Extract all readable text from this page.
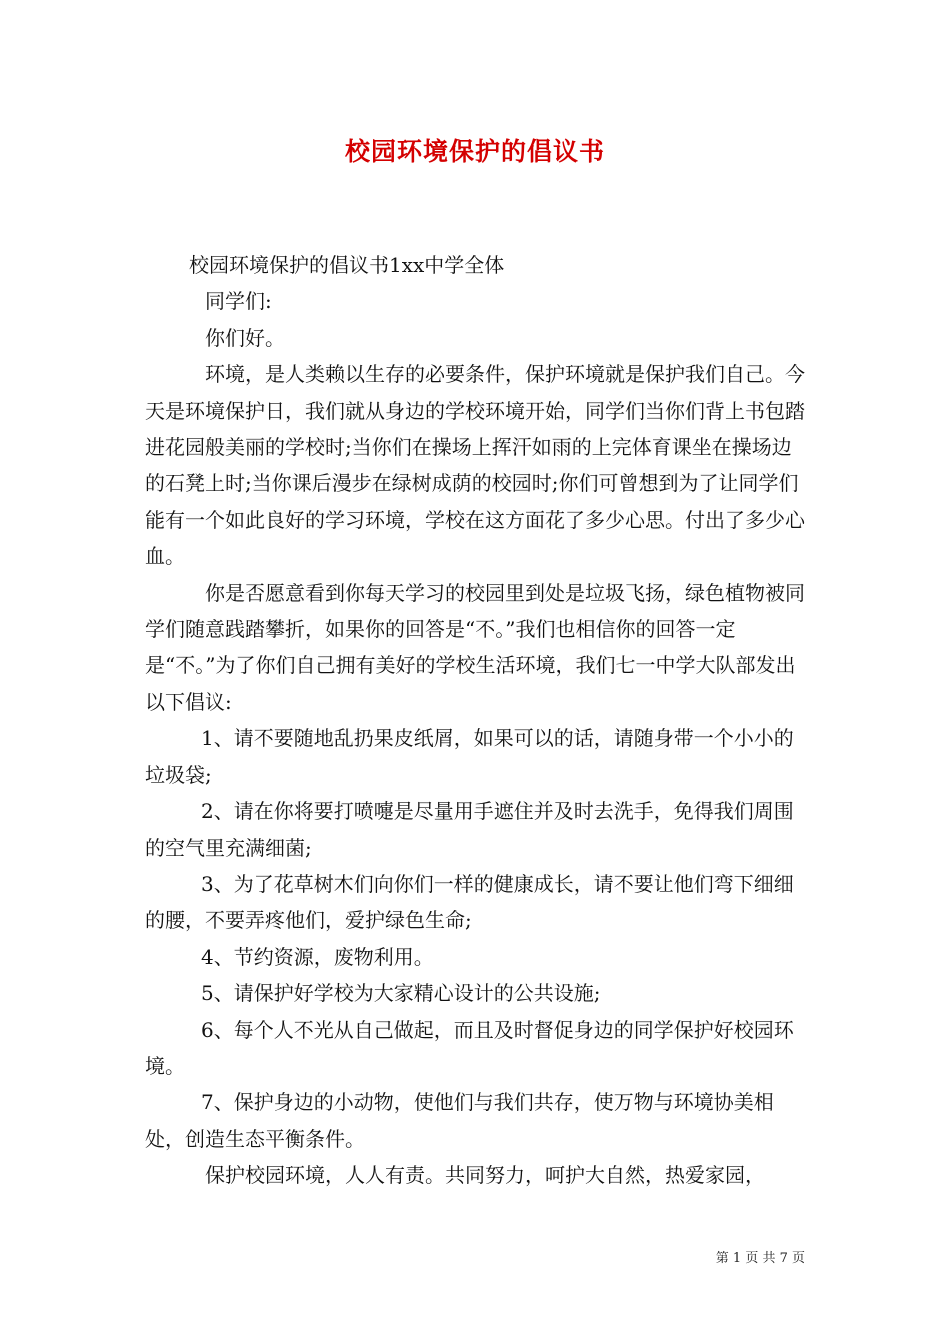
校园环境保护的倡议书

校园环境保护的倡议书1xx中学全体

同学们:

你们好。

环境，是人类赖以生存的必要条件，保护环境就是保护我们自己。今天是环境保护日，我们就从身边的学校环境开始，同学们当你们背上书包踏进花园般美丽的学校时;当你们在操场上挥汗如雨的上完体育课坐在操场边的石凳上时;当你课后漫步在绿树成荫的校园时;你们可曾想到为了让同学们能有一个如此良好的学习环境，学校在这方面花了多少心思。付出了多少心血。

你是否愿意看到你每天学习的校园里到处是垃圾飞扬，绿色植物被同学们随意践踏攀折，如果你的回答是“不。”我们也相信你的回答一定是“不。”为了你们自己拥有美好的学校生活环境，我们七一中学大队部发出以下倡议:

1、请不要随地乱扔果皮纸屑，如果可以的话，请随身带一个小小的垃圾袋;

2、请在你将要打喷嚏是尽量用手遮住并及时去洗手，免得我们周围的空气里充满细菌;

3、为了花草树木们向你们一样的健康成长，请不要让他们弯下细细的腰，不要弄疼他们，爱护绿色生命;

4、节约资源，废物利用。

5、请保护好学校为大家精心设计的公共设施;

6、每个人不光从自己做起，而且及时督促身边的同学保护好校园环境。

7、保护身边的小动物，使他们与我们共存，使万物与环境协美相处，创造生态平衡条件。

保护校园环境，人人有责。共同努力，呵护大自然，热爱家园，

第 1 页 共 7 页
